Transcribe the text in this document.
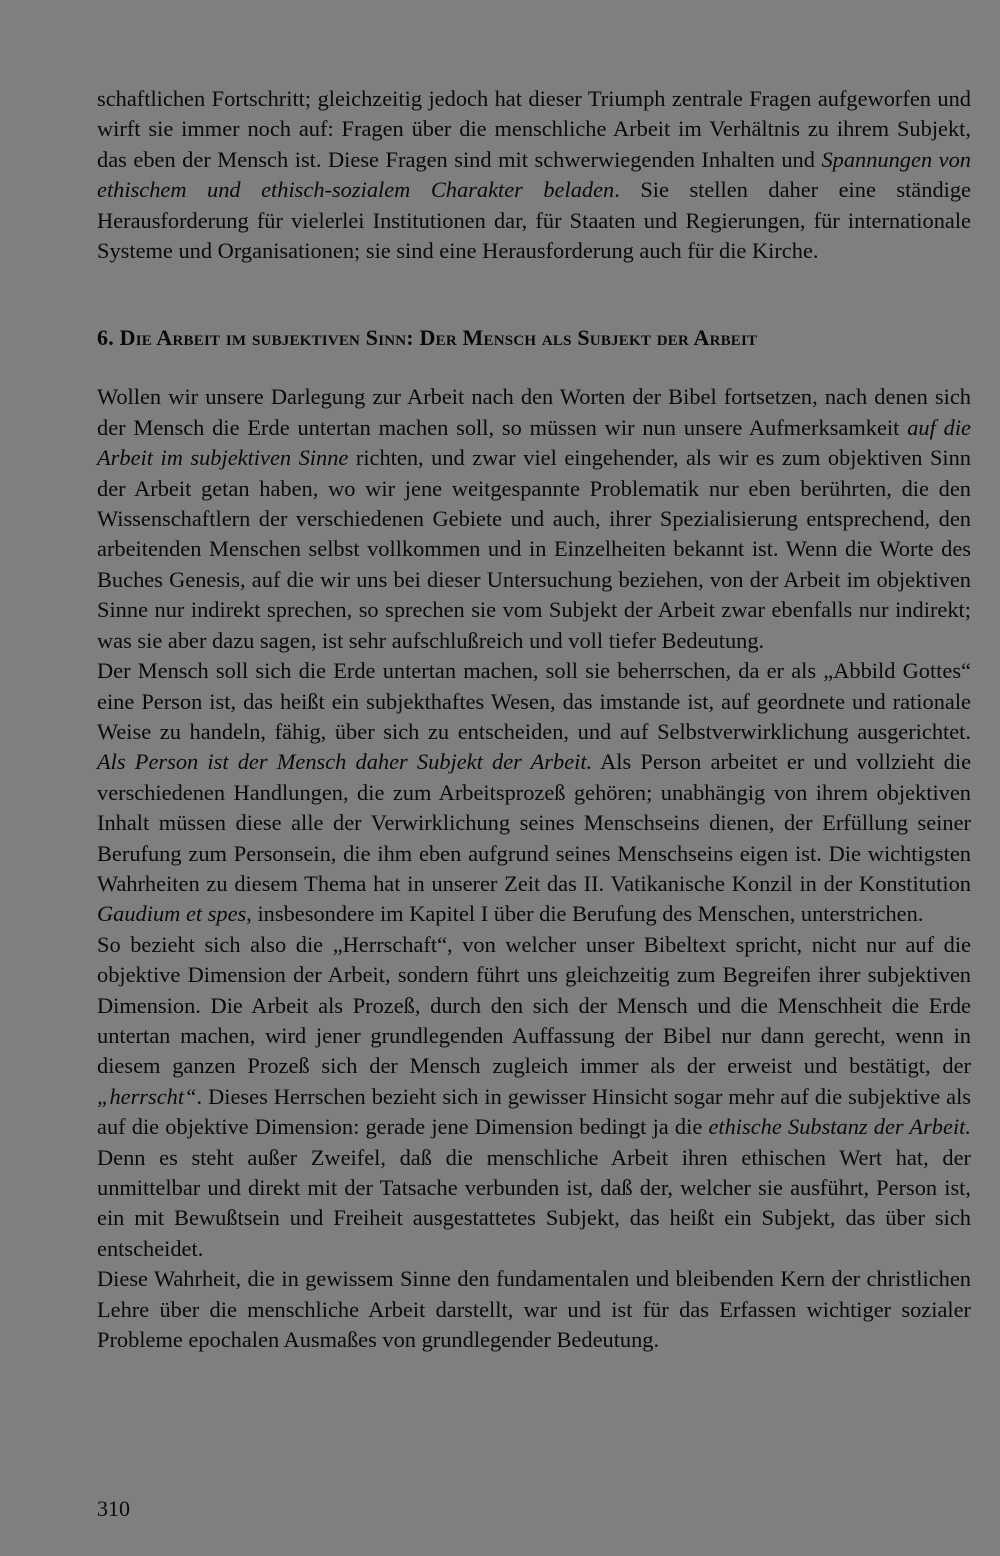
schaftlichen Fortschritt; gleichzeitig jedoch hat dieser Triumph zentrale Fragen aufgeworfen und wirft sie immer noch auf: Fragen über die menschliche Arbeit im Verhältnis zu ihrem Subjekt, das eben der Mensch ist. Diese Fragen sind mit schwerwiegenden Inhalten und Spannungen von ethischem und ethisch-sozialem Charakter beladen. Sie stellen daher eine ständige Herausforderung für vielerlei Institutionen dar, für Staaten und Regierungen, für internationale Systeme und Organisationen; sie sind eine Herausforderung auch für die Kirche.

6. Die Arbeit im subjektiven Sinn: Der Mensch als Subjekt der Arbeit

Wollen wir unsere Darlegung zur Arbeit nach den Worten der Bibel fortsetzen, nach denen sich der Mensch die Erde untertan machen soll, so müssen wir nun unsere Aufmerksamkeit auf die Arbeit im subjektiven Sinne richten, und zwar viel eingehender, als wir es zum objektiven Sinn der Arbeit getan haben, wo wir jene weitgespannte Problematik nur eben berührten, die den Wissenschaftlern der verschiedenen Gebiete und auch, ihrer Spezialisierung entsprechend, den arbeitenden Menschen selbst vollkommen und in Einzelheiten bekannt ist. Wenn die Worte des Buches Genesis, auf die wir uns bei dieser Untersuchung beziehen, von der Arbeit im objektiven Sinne nur indirekt sprechen, so sprechen sie vom Subjekt der Arbeit zwar ebenfalls nur indirekt; was sie aber dazu sagen, ist sehr aufschlußreich und voll tiefer Bedeutung.

Der Mensch soll sich die Erde untertan machen, soll sie beherrschen, da er als „Abbild Gottes“ eine Person ist, das heißt ein subjekthaftes Wesen, das imstande ist, auf geordnete und rationale Weise zu handeln, fähig, über sich zu entscheiden, und auf Selbstverwirklichung ausgerichtet. Als Person ist der Mensch daher Subjekt der Arbeit. Als Person arbeitet er und vollzieht die verschiedenen Handlungen, die zum Arbeitsprozeß gehören; unabhängig von ihrem objektiven Inhalt müssen diese alle der Verwirklichung seines Menschseins dienen, der Erfüllung seiner Berufung zum Personsein, die ihm eben aufgrund seines Menschseins eigen ist. Die wichtigsten Wahrheiten zu diesem Thema hat in unserer Zeit das II. Vatikanische Konzil in der Konstitution Gaudium et spes, insbesondere im Kapitel I über die Berufung des Menschen, unterstrichen.

So bezieht sich also die „Herrschaft“, von welcher unser Bibeltext spricht, nicht nur auf die objektive Dimension der Arbeit, sondern führt uns gleichzeitig zum Begreifen ihrer subjektiven Dimension. Die Arbeit als Prozeß, durch den sich der Mensch und die Menschheit die Erde untertan machen, wird jener grundlegenden Auffassung der Bibel nur dann gerecht, wenn in diesem ganzen Prozeß sich der Mensch zugleich immer als der erweist und bestätigt, der „herrscht“. Dieses Herrschen bezieht sich in gewisser Hinsicht sogar mehr auf die subjektive als auf die objektive Dimension: gerade jene Dimension bedingt ja die ethische Substanz der Arbeit. Denn es steht außer Zweifel, daß die menschliche Arbeit ihren ethischen Wert hat, der unmittelbar und direkt mit der Tatsache verbunden ist, daß der, welcher sie ausführt, Person ist, ein mit Bewußtsein und Freiheit ausgestattetes Subjekt, das heißt ein Subjekt, das über sich entscheidet.

Diese Wahrheit, die in gewissem Sinne den fundamentalen und bleibenden Kern der christlichen Lehre über die menschliche Arbeit darstellt, war und ist für das Erfassen wichtiger sozialer Probleme epochalen Ausmaßes von grundlegender Bedeutung.

310
